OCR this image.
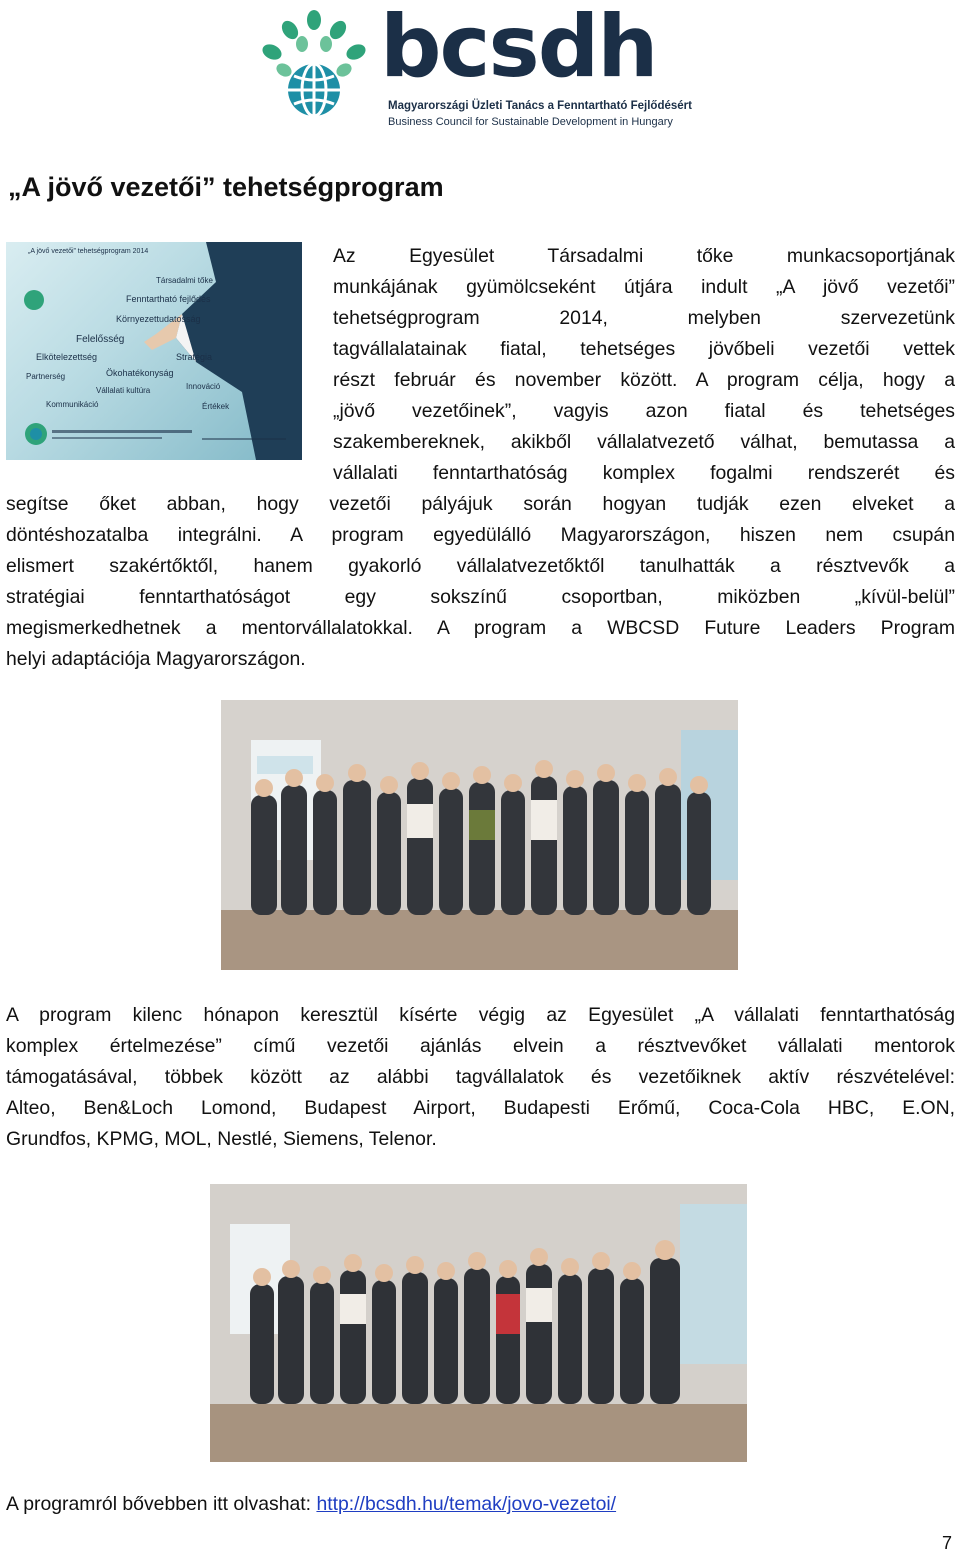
bcsdh
Magyarországi Üzleti Tanács a Fenntartható Fejlődésért
Business Council for Sustainable Development in Hungary
„A jövő vezetői” tehetségprogram
„A jövő vezetői” tehetségprogram 2014
Társadalmi tőke
Fenntartható fejlődés
Környezettudatosság
Felelősség
Elkötelezettség	Stratégia
Ökohatékonyság
Partnerség
Vállalati kultúra
Kommunikáció
Innováció
Értékek
Az Egyesület Társadalmi tőke munkacsoportjának
munkájának gyümölcseként útjára indult „A jövő vezetői”
tehetségprogram 2014, melyben szervezetünk
tagvállalatainak fiatal, tehetséges jövőbeli vezetői vettek
részt február és november között. A program célja, hogy a
„jövő vezetőinek”, vagyis azon fiatal és tehetséges
szakembereknek, akikből vállalatvezető válhat, bemutassa a
vállalati fenntarthatóság komplex fogalmi rendszerét és
segítse őket abban, hogy vezetői pályájuk során hogyan tudják ezen elveket a
döntéshozatalba integrálni. A program egyedülálló Magyarországon, hiszen nem csupán
elismert szakértőktől, hanem gyakorló vállalatvezetőktől tanulhatták a résztvevők a
stratégiai fenntarthatóságot egy sokszínű csoportban, miközben „kívül-belül”
megismerkedhetnek a mentorvállalatokkal. A program a WBCSD Future Leaders Program
helyi adaptációja Magyarországon.
A program kilenc hónapon keresztül kísérte végig az Egyesület „A vállalati fenntarthatóság
komplex értelmezése” című vezetői ajánlás elvein a résztvevőket vállalati mentorok
támogatásával, többek között az alábbi tagvállalatok és vezetőiknek aktív részvételével:
Alteo, Ben&Loch Lomond, Budapest Airport, Budapesti Erőmű, Coca-Cola HBC, E.ON,
Grundfos, KPMG, MOL, Nestlé, Siemens, Telenor.
A programról bővebben itt olvashat: http://bcsdh.hu/temak/jovo-vezetoi/
7
